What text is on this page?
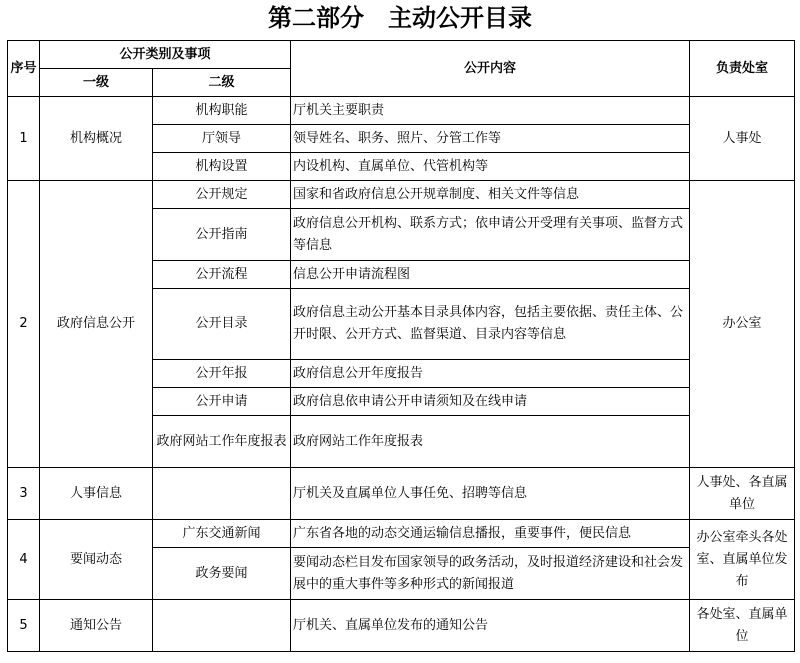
第二部分　主动公开目录
序号	公开类别及事项		公开内容	负责处室
	一级	二级		
1	机构概况	机构职能	厅机关主要职责	人事处
		厅领导	领导姓名、职务、照片、分管工作等	
		机构设置	内设机构、直属单位、代管机构等	
2	政府信息公开	公开规定	国家和省政府信息公开规章制度、相关文件等信息	办公室
		公开指南	政府信息公开机构、联系方式；依申请公开受理有关事项、监督方式等信息	
		公开流程	信息公开申请流程图	
		公开目录	政府信息主动公开基本目录具体内容，包括主要依据、责任主体、公开时限、公开方式、监督渠道、目录内容等信息	
		公开年报	政府信息公开年度报告	
		公开申请	政府信息依申请公开申请须知及在线申请	
		政府网站工作年度报表	政府网站工作年度报表	
3	人事信息		厅机关及直属单位人事任免、招聘等信息	人事处、各直属单位
4	要闻动态	广东交通新闻	广东省各地的动态交通运输信息播报，重要事件，便民信息	办公室牵头各处室、直属单位发布
		政务要闻	要闻动态栏目发布国家领导的政务活动，及时报道经济建设和社会发展中的重大事件等多种形式的新闻报道	
5	通知公告		厅机关、直属单位发布的通知公告	各处室、直属单位
